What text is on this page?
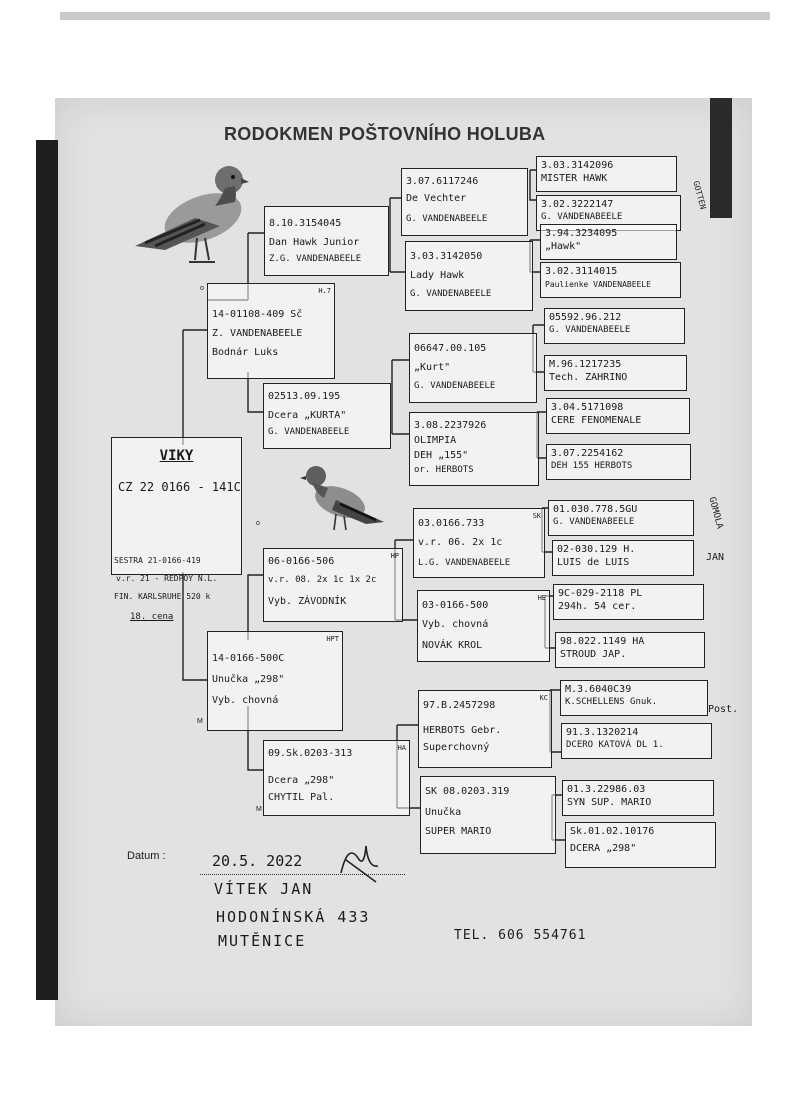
RODOKMEN POŠTOVNÍHO HOLUBA
VIKY
CZ 22 0166 - 141C
SESTRA 21-0166-419
v.r. 21 - REDPOY N.L.
FIN. KARLSRUHE 520 k
18. cena
H.7
14-01108-409 Sč
Z. VANDENABEELE
Bodnár Luks
HPT
14-0166-500C
Unučka „298"
Vyb. chovná
8.10.3154045
Dan Hawk Junior
Z.G. VANDENABEELE
02513.09.195
Dcera „KURTA"
G. VANDENABEELE
HP
06-0166-506
v.r. 08. 2x 1c 1x 2c
Vyb. ZÁVODNÍK
HA
09.Sk.0203-313
Dcera „298"
CHYTIL Pal.
3.07.6117246
De Vechter
G. VANDENABEELE
3.03.3142050
Lady Hawk
G. VANDENABEELE
06647.00.105
„Kurt"
G. VANDENABEELE
3.08.2237926
OLIMPIA
DEH „155"
or. HERBOTS
SK
03.0166.733
v.r. 06. 2x 1c
L.G. VANDENABEELE
HE
03-0166-500
Vyb. chovná
NOVÁK KROL
KC
97.B.2457298
HERBOTS Gebr.
Superchovný
SK 08.0203.319
Unučka
SUPER MARIO
3.03.3142096
MISTER HAWK
3.02.3222147
G. VANDENABEELE
3.94.3234095
„Hawk"
3.02.3114015
Paulienke VANDENABEELE
05592.96.212
G. VANDENABEELE
M.96.1217235
Tech. ZAHRINO
3.04.5171098
CERE FENOMENALE
3.07.2254162
DEH 155 HERBOTS
01.030.778.5GU
G. VANDENABEELE
02-030.129 H.
LUIS de LUIS
9C-029-2118 PL
294h. 54 cer.
98.022.1149 HA
STROUD JAP.
M.3.6040C39
K.SCHELLENS Gnuk.
91.3.1320214
DCERO KATOVÁ DL 1.
01.3.22986.03
SYN SUP. MARIO
Sk.01.02.10176
DCERA „298"
GOTTEN
GOMOLA
JAN
Post.
Datum :	20.5. 2022
VÍTEK JAN
HODONÍNSKÁ 433
MUTĚNICE	TEL. 606 554761
M
o
o
M
